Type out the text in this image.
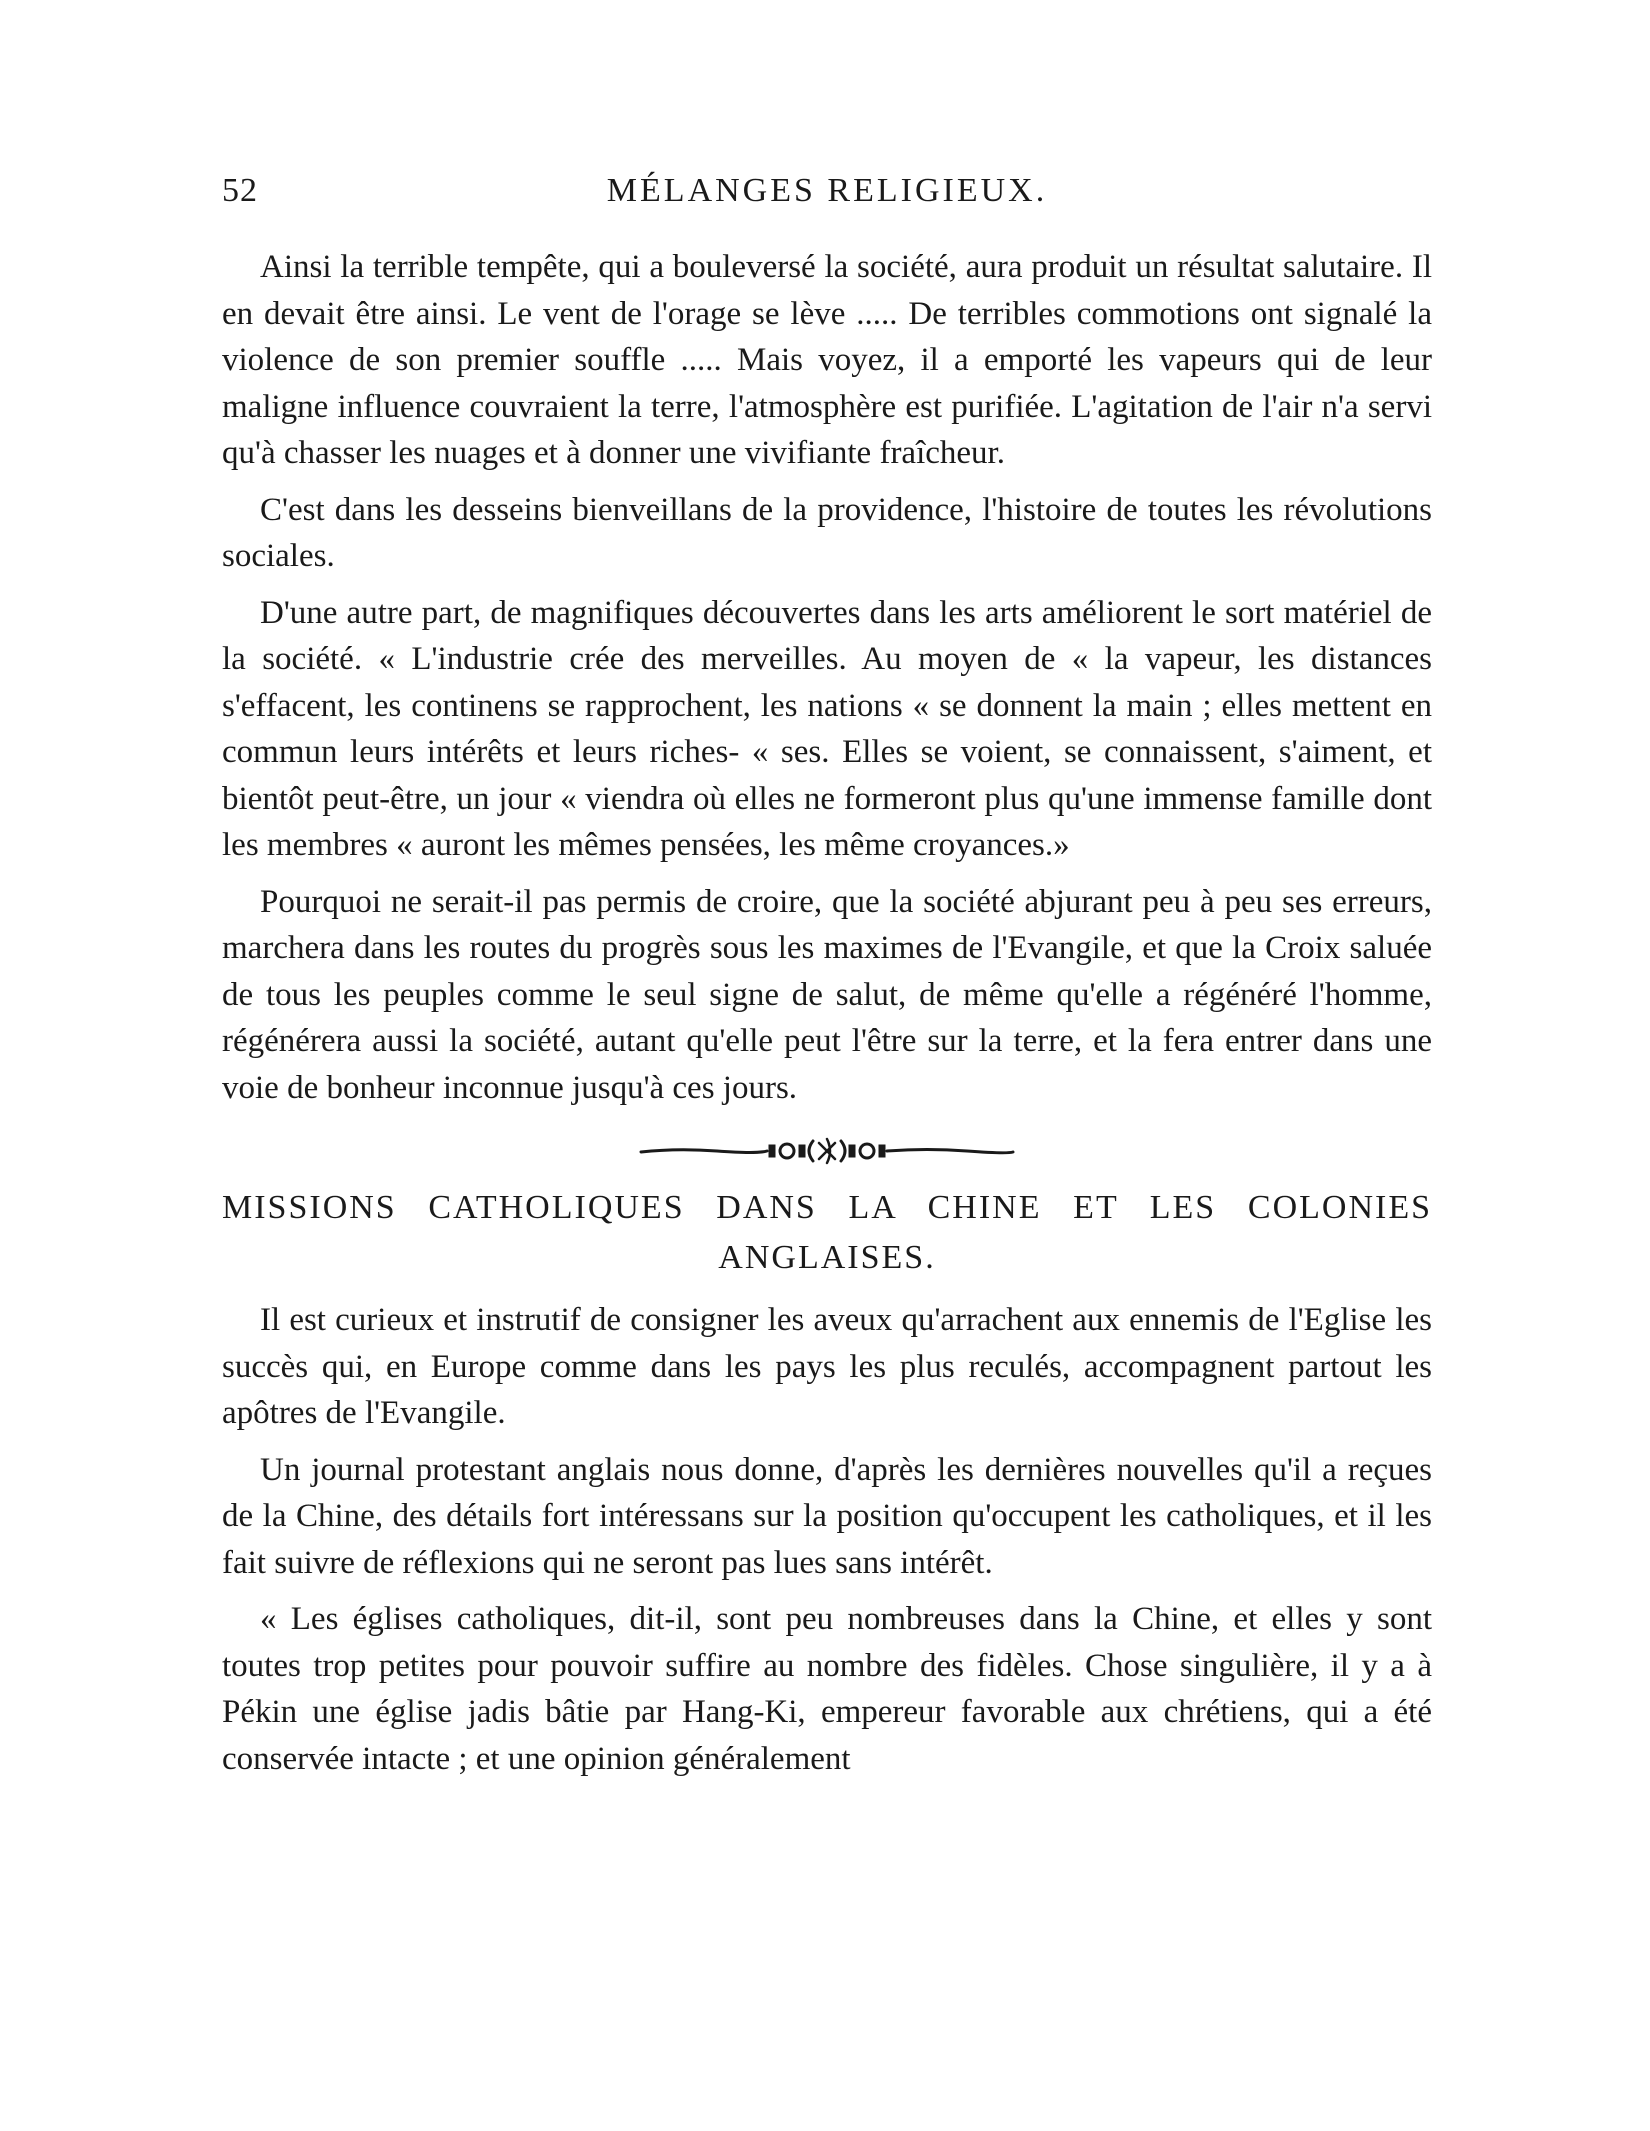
52	MÉLANGES RELIGIEUX.

Ainsi la terrible tempête, qui a bouleversé la société, aura produit un résultat salutaire. Il en devait être ainsi. Le vent de l'orage se lève ..... De terribles commotions ont signalé la violence de son premier souffle ..... Mais voyez, il a emporté les vapeurs qui de leur maligne influence couvraient la terre, l'atmosphère est purifiée. L'agitation de l'air n'a servi qu'à chasser les nuages et à donner une vivifiante fraîcheur.

C'est dans les desseins bienveillans de la providence, l'histoire de toutes les révolutions sociales.

D'une autre part, de magnifiques découvertes dans les arts améliorent le sort matériel de la société. « L'industrie crée des merveilles. Au moyen de « la vapeur, les distances s'effacent, les continens se rapprochent, les nations « se donnent la main ; elles mettent en commun leurs intérêts et leurs riches- « ses. Elles se voient, se connaissent, s'aiment, et bientôt peut-être, un jour « viendra où elles ne formeront plus qu'une immense famille dont les membres « auront les mêmes pensées, les même croyances.»

Pourquoi ne serait-il pas permis de croire, que la société abjurant peu à peu ses erreurs, marchera dans les routes du progrès sous les maximes de l'Evangile, et que la Croix saluée de tous les peuples comme le seul signe de salut, de même qu'elle a régénéré l'homme, régénérera aussi la société, autant qu'elle peut l'être sur la terre, et la fera entrer dans une voie de bonheur inconnue jusqu'à ces jours.

MISSIONS CATHOLIQUES DANS LA CHINE ET LES COLONIES
ANGLAISES.

Il est curieux et instrutif de consigner les aveux qu'arrachent aux ennemis de l'Eglise les succès qui, en Europe comme dans les pays les plus reculés, accompagnent partout les apôtres de l'Evangile.

Un journal protestant anglais nous donne, d'après les dernières nouvelles qu'il a reçues de la Chine, des détails fort intéressans sur la position qu'occupent les catholiques, et il les fait suivre de réflexions qui ne seront pas lues sans intérêt.

« Les églises catholiques, dit-il, sont peu nombreuses dans la Chine, et elles y sont toutes trop petites pour pouvoir suffire au nombre des fidèles. Chose singulière, il y a à Pékin une église jadis bâtie par Hang-Ki, empereur favorable aux chrétiens, qui a été conservée intacte ; et une opinion généralement
